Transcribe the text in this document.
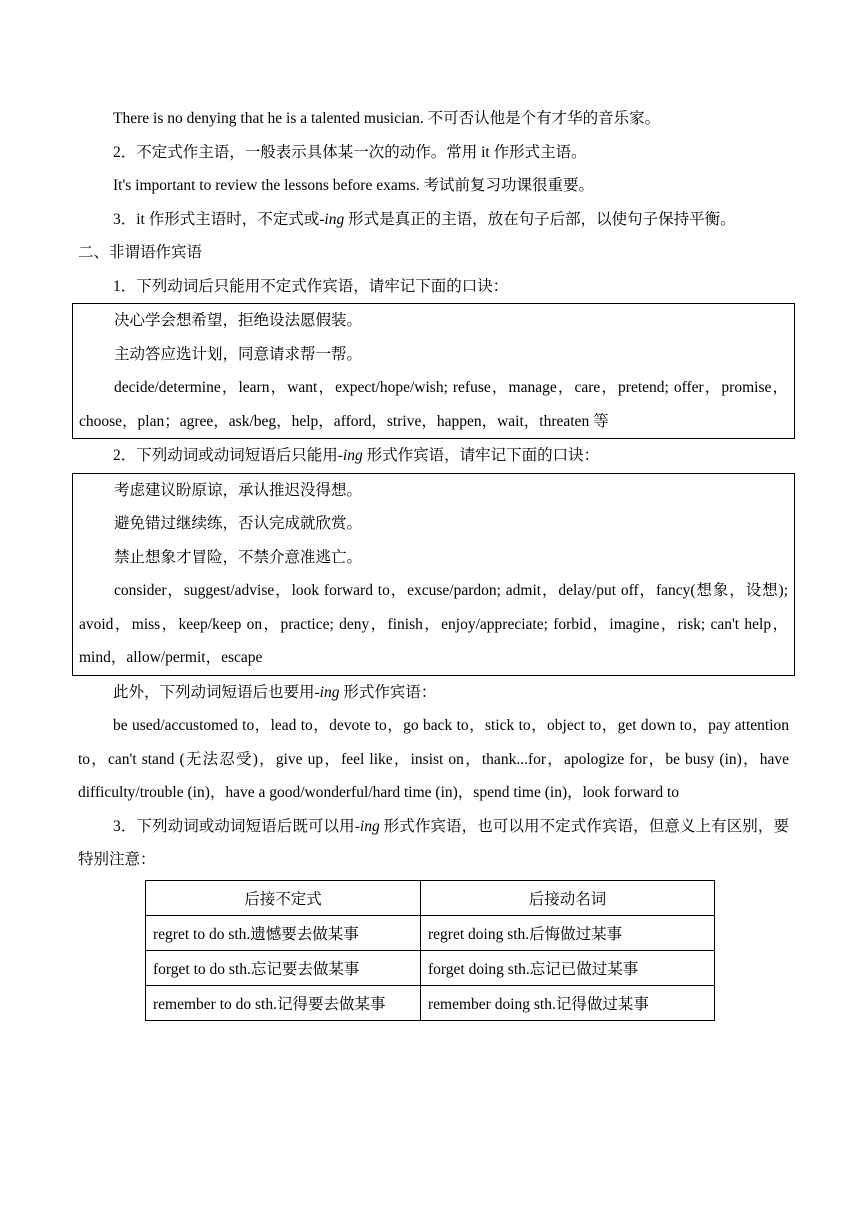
There is no denying that he is a talented musician. 不可否认他是个有才华的音乐家。

2．不定式作主语，一般表示具体某一次的动作。常用 it 作形式主语。

It's important to review the lessons before exams. 考试前复习功课很重要。

3．it 作形式主语时，不定式或-ing 形式是真正的主语，放在句子后部，以使句子保持平衡。

二、非谓语作宾语

1．下列动词后只能用不定式作宾语，请牢记下面的口诀：

决心学会想希望，拒绝设法愿假装。

主动答应选计划，同意请求帮一帮。

decide/determine，learn，want，expect/hope/wish; refuse，manage，care，pretend; offer，promise，choose，plan；agree，ask/beg，help，afford，strive，happen，wait，threaten 等

2．下列动词或动词短语后只能用-ing 形式作宾语，请牢记下面的口诀：

考虑建议盼原谅，承认推迟没得想。

避免错过继续练，否认完成就欣赏。

禁止想象才冒险，不禁介意准逃亡。

consider，suggest/advise，look forward to，excuse/pardon; admit，delay/put off，fancy(想象，设想); avoid，miss，keep/keep on，practice; deny，finish，enjoy/appreciate; forbid，imagine，risk; can't help，mind，allow/permit，escape

此外，下列动词短语后也要用-ing 形式作宾语：

be used/accustomed to，lead to，devote to，go back to，stick to，object to，get down to，pay attention to，can't stand (无法忍受)，give up，feel like，insist on，thank...for，apologize for，be busy (in)，have difficulty/trouble (in)，have a good/wonderful/hard time (in)，spend time (in)，look forward to

3．下列动词或动词短语后既可以用-ing 形式作宾语，也可以用不定式作宾语，但意义上有区别，要特别注意：

后接不定式	后接动名词
regret to do sth.遗憾要去做某事	regret doing sth.后悔做过某事
forget to do sth.忘记要去做某事	forget doing sth.忘记已做过某事
remember to do sth.记得要去做某事	remember doing sth.记得做过某事
